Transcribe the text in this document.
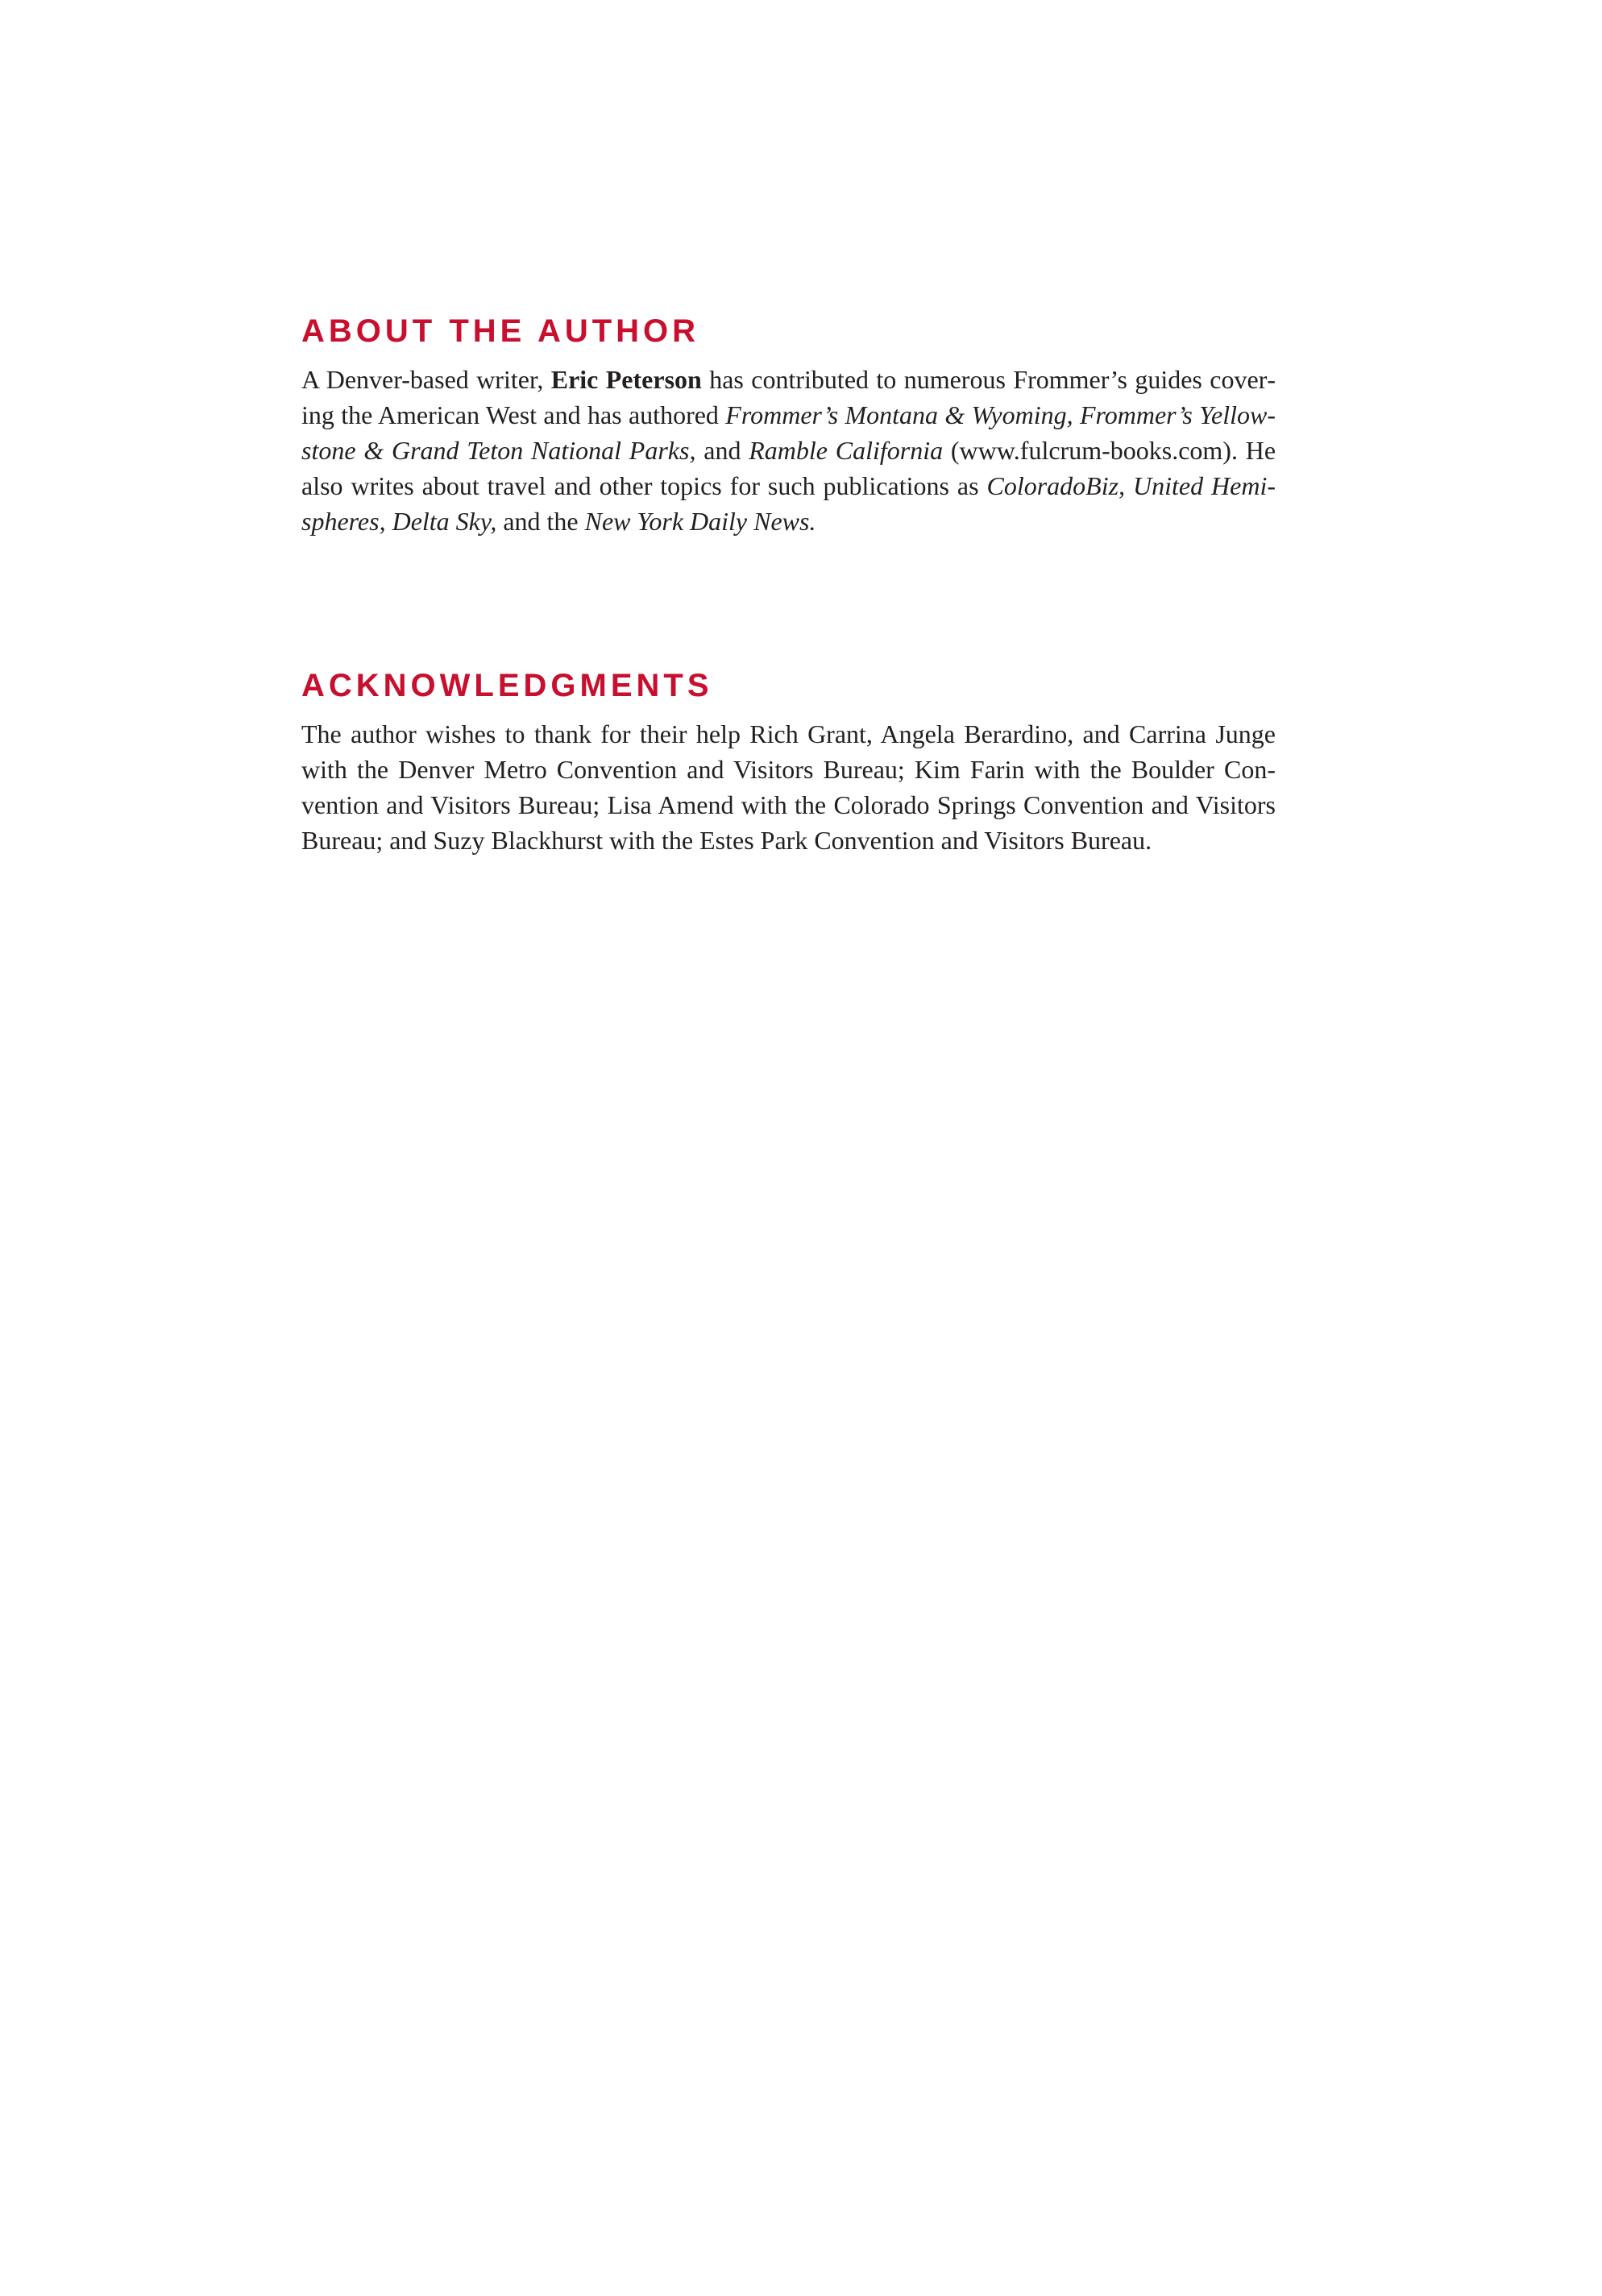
ABOUT THE AUTHOR

A Denver-based writer, Eric Peterson has contributed to numerous Frommer’s guides covering the American West and has authored Frommer’s Montana & Wyoming, Frommer’s Yellowstone & Grand Teton National Parks, and Ramble California (www.fulcrum-books.com). He also writes about travel and other topics for such publications as ColoradoBiz, United Hemispheres, Delta Sky, and the New York Daily News.

ACKNOWLEDGMENTS

The author wishes to thank for their help Rich Grant, Angela Berardino, and Carrina Junge with the Denver Metro Convention and Visitors Bureau; Kim Farin with the Boulder Convention and Visitors Bureau; Lisa Amend with the Colorado Springs Convention and Visitors Bureau; and Suzy Blackhurst with the Estes Park Convention and Visitors Bureau.
